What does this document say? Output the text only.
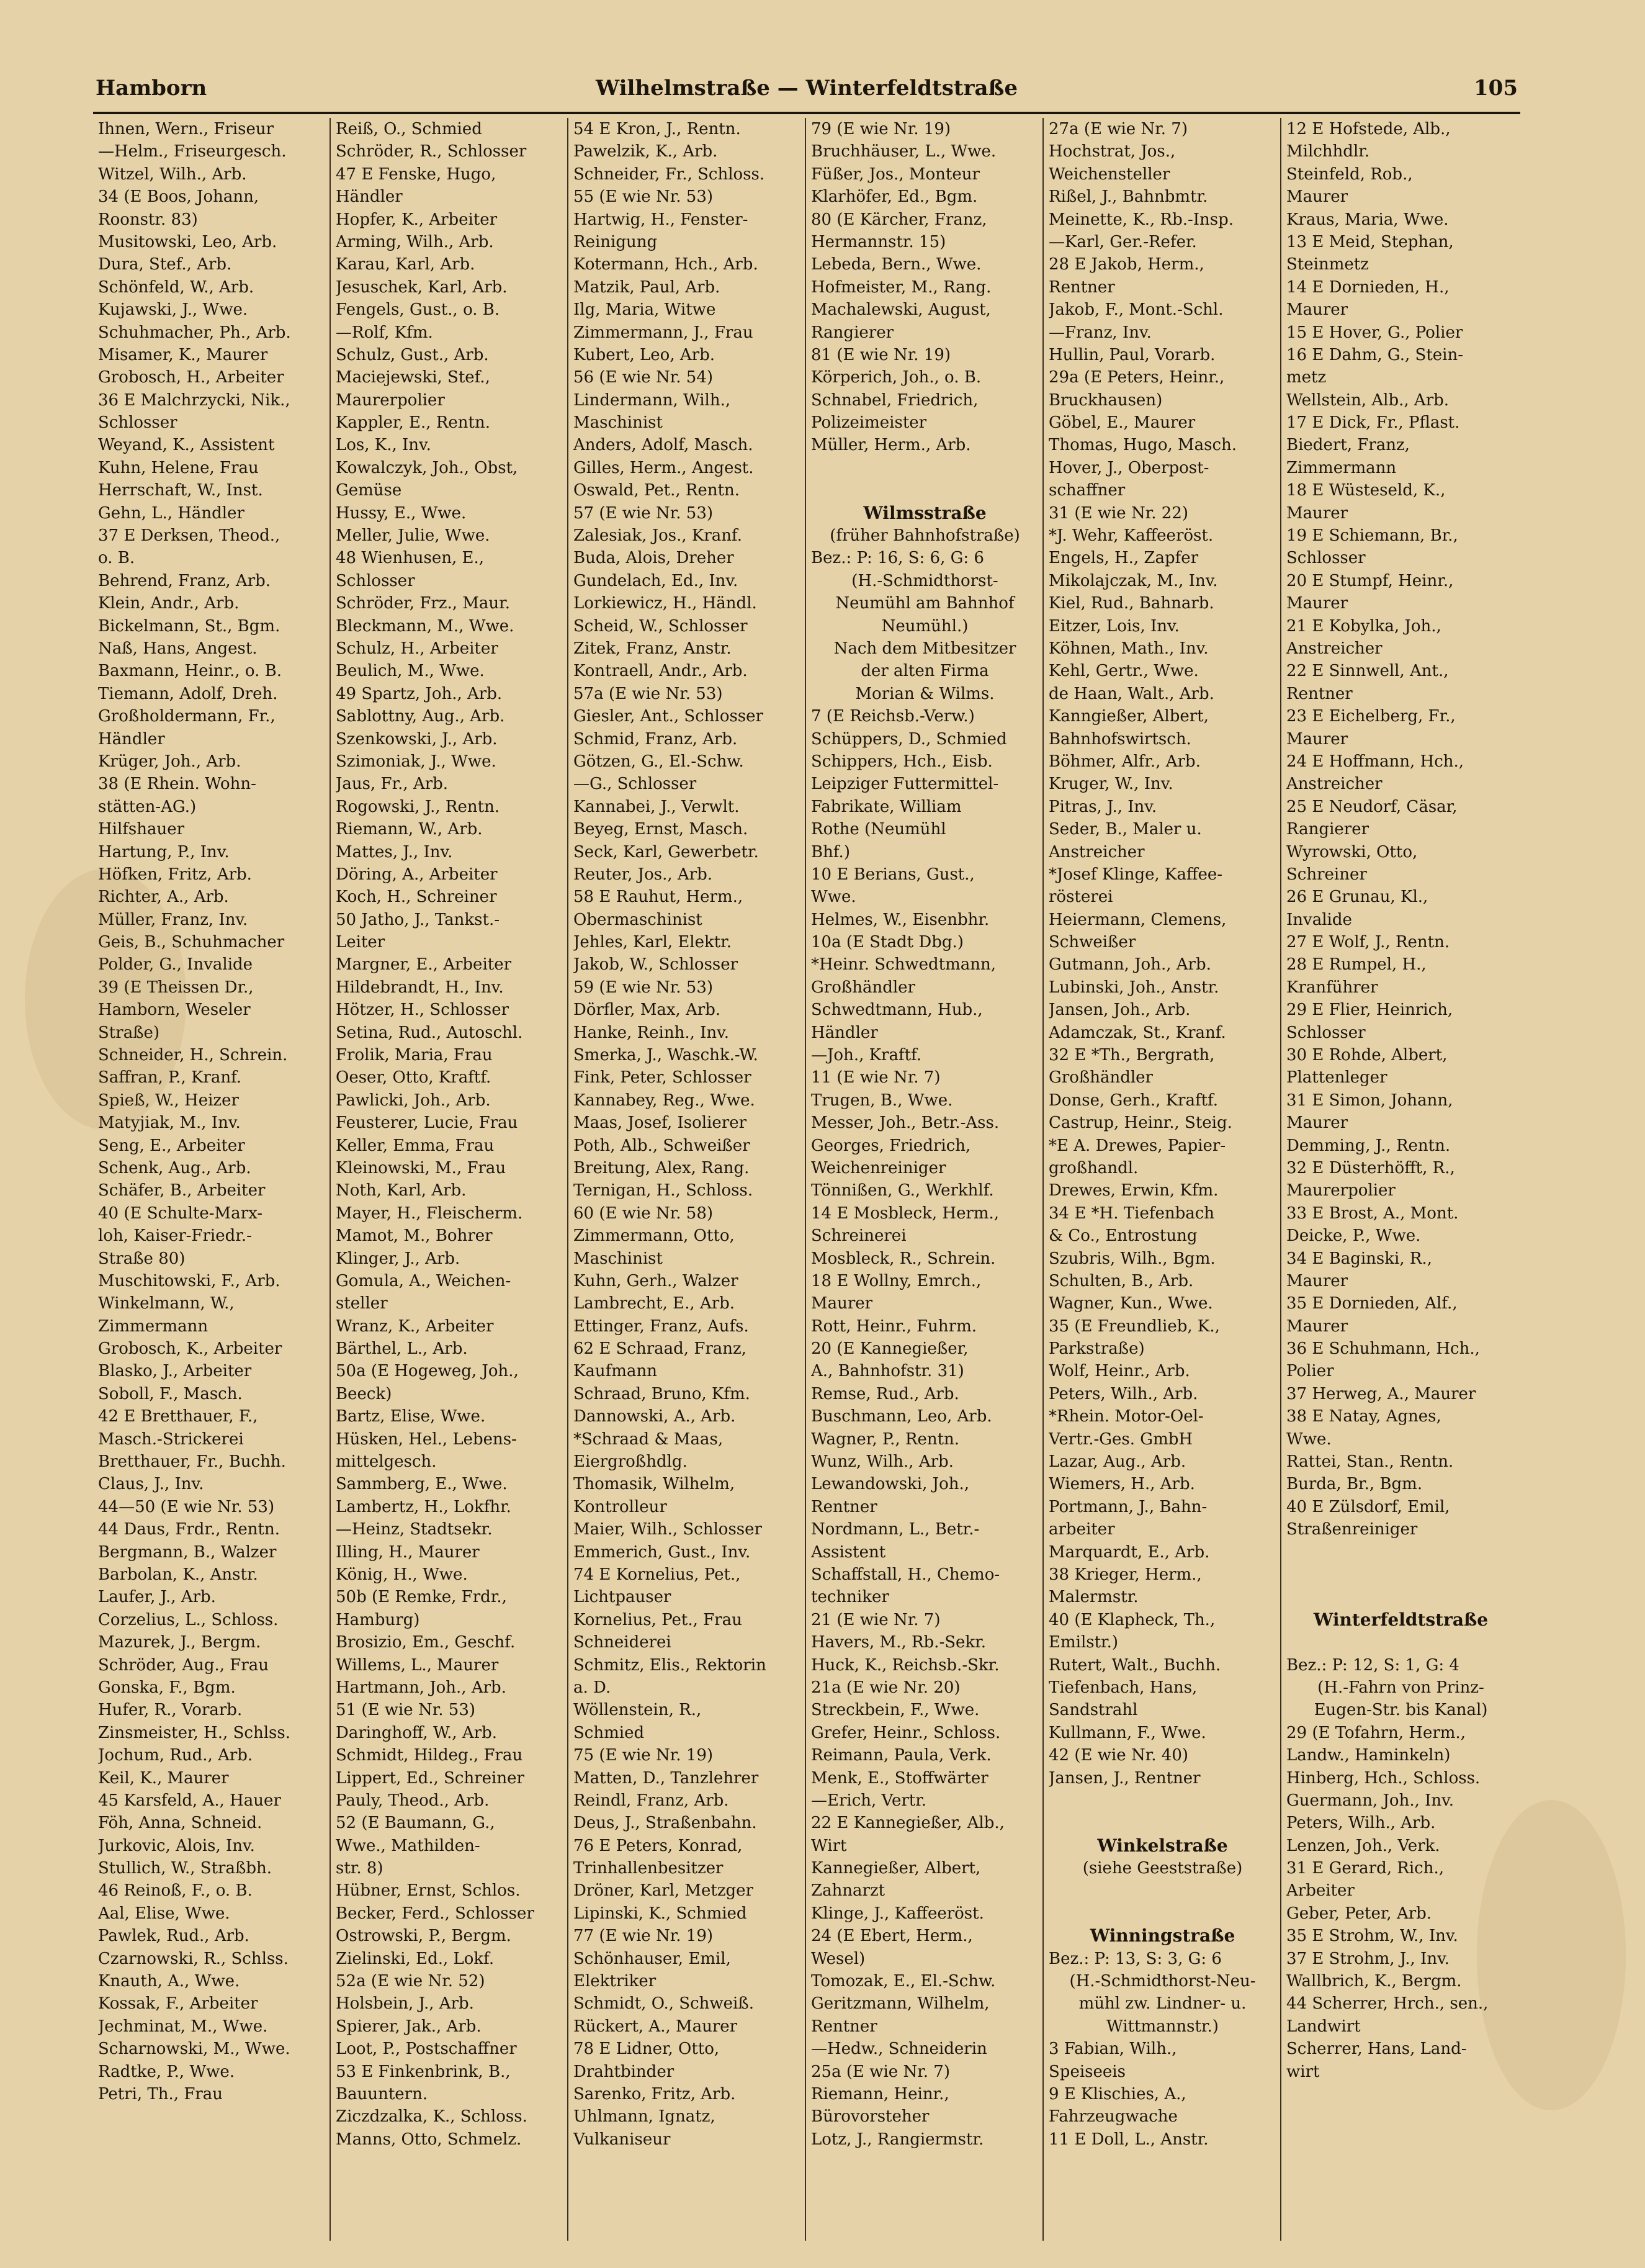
Hamborn	Wilhelmstraße — Winterfeldtstraße	105
Ihnen, Wern., Friseur
—Helm., Friseurgesch.
Witzel, Wilh., Arb.
34 (E Boos, Johann,
Roonstr. 83)
Musitowski, Leo, Arb.
Dura, Stef., Arb.
Schönfeld, W., Arb.
Kujawski, J., Wwe.
Schuhmacher, Ph., Arb.
Misamer, K., Maurer
Grobosch, H., Arbeiter
36 E Malchrzycki, Nik.,
Schlosser
Weyand, K., Assistent
Kuhn, Helene, Frau
Herrschaft, W., Inst.
Gehn, L., Händler
37 E Derksen, Theod.,
o. B.
Behrend, Franz, Arb.
Klein, Andr., Arb.
Bickelmann, St., Bgm.
Naß, Hans, Angest.
Baxmann, Heinr., o. B.
Tiemann, Adolf, Dreh.
Großholdermann, Fr.,
Händler
Krüger, Joh., Arb.
38 (E Rhein. Wohn-
stätten-AG.)
Hilfshauer
Hartung, P., Inv.
Höfken, Fritz, Arb.
Richter, A., Arb.
Müller, Franz, Inv.
Geis, B., Schuhmacher
Polder, G., Invalide
39 (E Theissen Dr.,
Hamborn, Weseler
Straße)
Schneider, H., Schrein.
Saffran, P., Kranf.
Spieß, W., Heizer
Matyjiak, M., Inv.
Seng, E., Arbeiter
Schenk, Aug., Arb.
Schäfer, B., Arbeiter
40 (E Schulte-Marx-
loh, Kaiser-Friedr.-
Straße 80)
Muschitowski, F., Arb.
Winkelmann, W.,
Zimmermann
Grobosch, K., Arbeiter
Blasko, J., Arbeiter
Soboll, F., Masch.
42 E Bretthauer, F.,
Masch.-Strickerei
Bretthauer, Fr., Buchh.
Claus, J., Inv.
44—50 (E wie Nr. 53)
44 Daus, Frdr., Rentn.
Bergmann, B., Walzer
Barbolan, K., Anstr.
Laufer, J., Arb.
Corzelius, L., Schloss.
Mazurek, J., Bergm.
Schröder, Aug., Frau
Gonska, F., Bgm.
Hufer, R., Vorarb.
Zinsmeister, H., Schlss.
Jochum, Rud., Arb.
Keil, K., Maurer
45 Karsfeld, A., Hauer
Föh, Anna, Schneid.
Jurkovic, Alois, Inv.
Stullich, W., Straßbh.
46 Reinoß, F., o. B.
Aal, Elise, Wwe.
Pawlek, Rud., Arb.
Czarnowski, R., Schlss.
Knauth, A., Wwe.
Kossak, F., Arbeiter
Jechminat, M., Wwe.
Scharnowski, M., Wwe.
Radtke, P., Wwe.
Petri, Th., Frau
Reiß, O., Schmied
Schröder, R., Schlosser
47 E Fenske, Hugo,
Händler
Hopfer, K., Arbeiter
Arming, Wilh., Arb.
Karau, Karl, Arb.
Jesuschek, Karl, Arb.
Fengels, Gust., o. B.
—Rolf, Kfm.
Schulz, Gust., Arb.
Maciejewski, Stef.,
Maurerpolier
Kappler, E., Rentn.
Los, K., Inv.
Kowalczyk, Joh., Obst,
Gemüse
Hussy, E., Wwe.
Meller, Julie, Wwe.
48 Wienhusen, E.,
Schlosser
Schröder, Frz., Maur.
Bleckmann, M., Wwe.
Schulz, H., Arbeiter
Beulich, M., Wwe.
49 Spartz, Joh., Arb.
Sablottny, Aug., Arb.
Szenkowski, J., Arb.
Szimoniak, J., Wwe.
Jaus, Fr., Arb.
Rogowski, J., Rentn.
Riemann, W., Arb.
Mattes, J., Inv.
Döring, A., Arbeiter
Koch, H., Schreiner
50 Jatho, J., Tankst.-
Leiter
Margner, E., Arbeiter
Hildebrandt, H., Inv.
Hötzer, H., Schlosser
Setina, Rud., Autoschl.
Frolik, Maria, Frau
Oeser, Otto, Kraftf.
Pawlicki, Joh., Arb.
Feusterer, Lucie, Frau
Keller, Emma, Frau
Kleinowski, M., Frau
Noth, Karl, Arb.
Mayer, H., Fleischerm.
Mamot, M., Bohrer
Klinger, J., Arb.
Gomula, A., Weichen-
steller
Wranz, K., Arbeiter
Bärthel, L., Arb.
50a (E Hogeweg, Joh.,
Beeck)
Bartz, Elise, Wwe.
Hüsken, Hel., Lebens-
mittelgesch.
Sammberg, E., Wwe.
Lambertz, H., Lokfhr.
—Heinz, Stadtsekr.
Illing, H., Maurer
König, H., Wwe.
50b (E Remke, Frdr.,
Hamburg)
Brosizio, Em., Geschf.
Willems, L., Maurer
Hartmann, Joh., Arb.
51 (E wie Nr. 53)
Daringhoff, W., Arb.
Schmidt, Hildeg., Frau
Lippert, Ed., Schreiner
Pauly, Theod., Arb.
52 (E Baumann, G.,
Wwe., Mathilden-
str. 8)
Hübner, Ernst, Schlos.
Becker, Ferd., Schlosser
Ostrowski, P., Bergm.
Zielinski, Ed., Lokf.
52a (E wie Nr. 52)
Holsbein, J., Arb.
Spierer, Jak., Arb.
Loot, P., Postschaffner
53 E Finkenbrink, B.,
Bauuntern.
Ziczdzalka, K., Schloss.
Manns, Otto, Schmelz.
54 E Kron, J., Rentn.
Pawelzik, K., Arb.
Schneider, Fr., Schloss.
55 (E wie Nr. 53)
Hartwig, H., Fenster-
Reinigung
Kotermann, Hch., Arb.
Matzik, Paul, Arb.
Ilg, Maria, Witwe
Zimmermann, J., Frau
Kubert, Leo, Arb.
56 (E wie Nr. 54)
Lindermann, Wilh.,
Maschinist
Anders, Adolf, Masch.
Gilles, Herm., Angest.
Oswald, Pet., Rentn.
57 (E wie Nr. 53)
Zalesiak, Jos., Kranf.
Buda, Alois, Dreher
Gundelach, Ed., Inv.
Lorkiewicz, H., Händl.
Scheid, W., Schlosser
Zitek, Franz, Anstr.
Kontraell, Andr., Arb.
57a (E wie Nr. 53)
Giesler, Ant., Schlosser
Schmid, Franz, Arb.
Götzen, G., El.-Schw.
—G., Schlosser
Kannabei, J., Verwlt.
Beyeg, Ernst, Masch.
Seck, Karl, Gewerbetr.
Reuter, Jos., Arb.
58 E Rauhut, Herm.,
Obermaschinist
Jehles, Karl, Elektr.
Jakob, W., Schlosser
59 (E wie Nr. 53)
Dörfler, Max, Arb.
Hanke, Reinh., Inv.
Smerka, J., Waschk.-W.
Fink, Peter, Schlosser
Kannabey, Reg., Wwe.
Maas, Josef, Isolierer
Poth, Alb., Schweißer
Breitung, Alex, Rang.
Ternigan, H., Schloss.
60 (E wie Nr. 58)
Zimmermann, Otto,
Maschinist
Kuhn, Gerh., Walzer
Lambrecht, E., Arb.
Ettinger, Franz, Aufs.
62 E Schraad, Franz,
Kaufmann
Schraad, Bruno, Kfm.
Dannowski, A., Arb.
*Schraad & Maas,
Eiergroßhdlg.
Thomasik, Wilhelm,
Kontrolleur
Maier, Wilh., Schlosser
Emmerich, Gust., Inv.
74 E Kornelius, Pet.,
Lichtpauser
Kornelius, Pet., Frau
Schneiderei
Schmitz, Elis., Rektorin
a. D.
Wöllenstein, R.,
Schmied
75 (E wie Nr. 19)
Matten, D., Tanzlehrer
Reindl, Franz, Arb.
Deus, J., Straßenbahn.
76 E Peters, Konrad,
Trinhallenbesitzer
Dröner, Karl, Metzger
Lipinski, K., Schmied
77 (E wie Nr. 19)
Schönhauser, Emil,
Elektriker
Schmidt, O., Schweiß.
Rückert, A., Maurer
78 E Lidner, Otto,
Drahtbinder
Sarenko, Fritz, Arb.
Uhlmann, Ignatz,
Vulkaniseur
79 (E wie Nr. 19)
Bruchhäuser, L., Wwe.
Füßer, Jos., Monteur
Klarhöfer, Ed., Bgm.
80 (E Kärcher, Franz,
Hermannstr. 15)
Lebeda, Bern., Wwe.
Hofmeister, M., Rang.
Machalewski, August,
Rangierer
81 (E wie Nr. 19)
Körperich, Joh., o. B.
Schnabel, Friedrich,
Polizeimeister
Müller, Herm., Arb.
Wilmsstraße
(früher Bahnhofstraße)
Bez.: P: 16, S: 6, G: 6
(H.-Schmidthorst-
Neumühl am Bahnhof
Neumühl.)
Nach dem Mitbesitzer
der alten Firma
Morian & Wilms.
7 (E Reichsb.-Verw.)
Schüppers, D., Schmied
Schippers, Hch., Eisb.
Leipziger Futtermittel-
Fabrikate, William
Rothe (Neumühl
Bhf.)
10 E Berians, Gust.,
Wwe.
Helmes, W., Eisenbhr.
10a (E Stadt Dbg.)
*Heinr. Schwedtmann,
Großhändler
Schwedtmann, Hub.,
Händler
—Joh., Kraftf.
11 (E wie Nr. 7)
Trugen, B., Wwe.
Messer, Joh., Betr.-Ass.
Georges, Friedrich,
Weichenreiniger
Tönnißen, G., Werkhlf.
14 E Mosbleck, Herm.,
Schreinerei
Mosbleck, R., Schrein.
18 E Wollny, Emrch.,
Maurer
Rott, Heinr., Fuhrm.
20 (E Kannegießer,
A., Bahnhofstr. 31)
Remse, Rud., Arb.
Buschmann, Leo, Arb.
Wagner, P., Rentn.
Wunz, Wilh., Arb.
Lewandowski, Joh.,
Rentner
Nordmann, L., Betr.-
Assistent
Schaffstall, H., Chemo-
techniker
21 (E wie Nr. 7)
Havers, M., Rb.-Sekr.
Huck, K., Reichsb.-Skr.
21a (E wie Nr. 20)
Streckbein, F., Wwe.
Grefer, Heinr., Schloss.
Reimann, Paula, Verk.
Menk, E., Stoffwärter
—Erich, Vertr.
22 E Kannegießer, Alb.,
Wirt
Kannegießer, Albert,
Zahnarzt
Klinge, J., Kaffeeröst.
24 (E Ebert, Herm.,
Wesel)
Tomozak, E., El.-Schw.
Geritzmann, Wilhelm,
Rentner
—Hedw., Schneiderin
25a (E wie Nr. 7)
Riemann, Heinr.,
Bürovorsteher
Lotz, J., Rangiermstr.
27a (E wie Nr. 7)
Hochstrat, Jos.,
Weichensteller
Rißel, J., Bahnbmtr.
Meinette, K., Rb.-Insp.
—Karl, Ger.-Refer.
28 E Jakob, Herm.,
Rentner
Jakob, F., Mont.-Schl.
—Franz, Inv.
Hullin, Paul, Vorarb.
29a (E Peters, Heinr.,
Bruckhausen)
Göbel, E., Maurer
Thomas, Hugo, Masch.
Hover, J., Oberpost-
schaffner
31 (E wie Nr. 22)
*J. Wehr, Kaffeeröst.
Engels, H., Zapfer
Mikolajczak, M., Inv.
Kiel, Rud., Bahnarb.
Eitzer, Lois, Inv.
Köhnen, Math., Inv.
Kehl, Gertr., Wwe.
de Haan, Walt., Arb.
Kanngießer, Albert,
Bahnhofswirtsch.
Böhmer, Alfr., Arb.
Kruger, W., Inv.
Pitras, J., Inv.
Seder, B., Maler u.
Anstreicher
*Josef Klinge, Kaffee-
rösterei
Heiermann, Clemens,
Schweißer
Gutmann, Joh., Arb.
Lubinski, Joh., Anstr.
Jansen, Joh., Arb.
Adamczak, St., Kranf.
32 E *Th., Bergrath,
Großhändler
Donse, Gerh., Kraftf.
Castrup, Heinr., Steig.
*E A. Drewes, Papier-
großhandl.
Drewes, Erwin, Kfm.
34 E *H. Tiefenbach
& Co., Entrostung
Szubris, Wilh., Bgm.
Schulten, B., Arb.
Wagner, Kun., Wwe.
35 (E Freundlieb, K.,
Parkstraße)
Wolf, Heinr., Arb.
Peters, Wilh., Arb.
*Rhein. Motor-Oel-
Vertr.-Ges. GmbH
Lazar, Aug., Arb.
Wiemers, H., Arb.
Portmann, J., Bahn-
arbeiter
Marquardt, E., Arb.
38 Krieger, Herm.,
Malermstr.
40 (E Klapheck, Th.,
Emilstr.)
Rutert, Walt., Buchh.
Tiefenbach, Hans,
Sandstrahl
Kullmann, F., Wwe.
42 (E wie Nr. 40)
Jansen, J., Rentner
Winkelstraße
(siehe Geeststraße)
Winningstraße
Bez.: P: 13, S: 3, G: 6
(H.-Schmidthorst-Neu-
mühl zw. Lindner- u.
Wittmannstr.)
3 Fabian, Wilh.,
Speiseeis
9 E Klischies, A.,
Fahrzeugwache
11 E Doll, L., Anstr.
12 E Hofstede, Alb.,
Milchhdlr.
Steinfeld, Rob.,
Maurer
Kraus, Maria, Wwe.
13 E Meid, Stephan,
Steinmetz
14 E Dornieden, H.,
Maurer
15 E Hover, G., Polier
16 E Dahm, G., Stein-
metz
Wellstein, Alb., Arb.
17 E Dick, Fr., Pflast.
Biedert, Franz,
Zimmermann
18 E Wüsteseld, K.,
Maurer
19 E Schiemann, Br.,
Schlosser
20 E Stumpf, Heinr.,
Maurer
21 E Kobylka, Joh.,
Anstreicher
22 E Sinnwell, Ant.,
Rentner
23 E Eichelberg, Fr.,
Maurer
24 E Hoffmann, Hch.,
Anstreicher
25 E Neudorf, Cäsar,
Rangierer
Wyrowski, Otto,
Schreiner
26 E Grunau, Kl.,
Invalide
27 E Wolf, J., Rentn.
28 E Rumpel, H.,
Kranführer
29 E Flier, Heinrich,
Schlosser
30 E Rohde, Albert,
Plattenleger
31 E Simon, Johann,
Maurer
Demming, J., Rentn.
32 E Düsterhöfft, R.,
Maurerpolier
33 E Brost, A., Mont.
Deicke, P., Wwe.
34 E Baginski, R.,
Maurer
35 E Dornieden, Alf.,
Maurer
36 E Schuhmann, Hch.,
Polier
37 Herweg, A., Maurer
38 E Natay, Agnes,
Wwe.
Rattei, Stan., Rentn.
Burda, Br., Bgm.
40 E Zülsdorf, Emil,
Straßenreiniger
Winterfeldtstraße
Bez.: P: 12, S: 1, G: 4
(H.-Fahrn von Prinz-
Eugen-Str. bis Kanal)
29 (E Tofahrn, Herm.,
Landw., Haminkeln)
Hinberg, Hch., Schloss.
Guermann, Joh., Inv.
Peters, Wilh., Arb.
Lenzen, Joh., Verk.
31 E Gerard, Rich.,
Arbeiter
Geber, Peter, Arb.
35 E Strohm, W., Inv.
37 E Strohm, J., Inv.
Wallbrich, K., Bergm.
44 Scherrer, Hrch., sen.,
Landwirt
Scherrer, Hans, Land-
wirt
